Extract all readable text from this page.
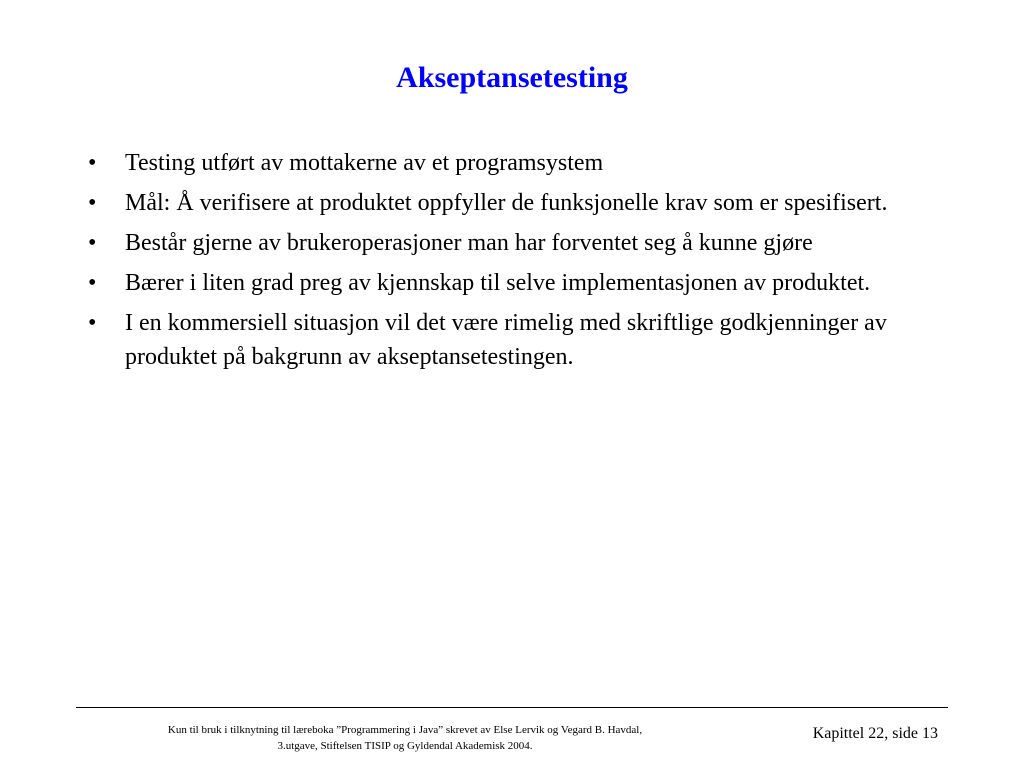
Akseptansetesting
• Testing utført av mottakerne av et programsystem
• Mål: Å verifisere at produktet oppfyller de funksjonelle krav som er spesifisert.
• Består gjerne av brukeroperasjoner man har forventet seg å kunne gjøre
• Bærer i liten grad preg av kjennskap til selve implementasjonen av produktet.
• I en kommersiell situasjon vil det være rimelig med skriftlige godkjenninger av produktet på bakgrunn av akseptansetestingen.
Kun til bruk i tilknytning til læreboka ”Programmering i Java” skrevet av Else Lervik og Vegard B. Havdal,
3.utgave, Stiftelsen TISIP og Gyldendal Akademisk 2004.
Kapittel 22, side 13
